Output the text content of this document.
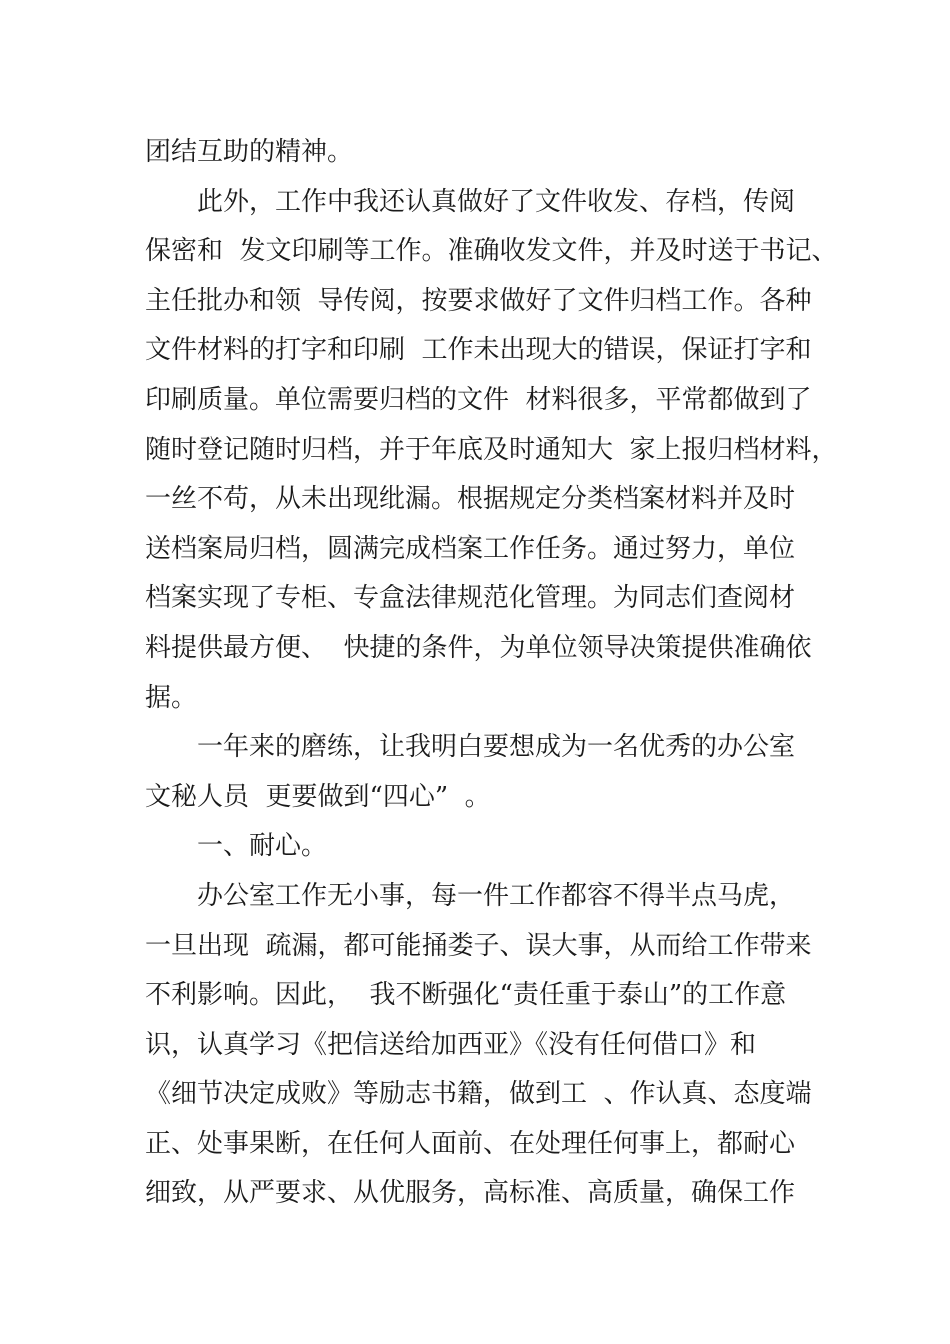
团结互助的精神。
此外，工作中我还认真做好了文件收发、存档，传阅
保密和  发文印刷等工作。准确收发文件，并及时送于书记、
主任批办和领  导传阅，按要求做好了文件归档工作。各种
文件材料的打字和印刷  工作未出现大的错误，保证打字和
印刷质量。单位需要归档的文件  材料很多，平常都做到了
随时登记随时归档，并于年底及时通知大  家上报归档材料，
一丝不苟，从未出现纰漏。根据规定分类档案材料并及时
送档案局归档，圆满完成档案工作任务。通过努力，单位
档案实现了专柜、专盒法律规范化管理。为同志们查阅材
料提供最方便、  快捷的条件，为单位领导决策提供准确依
据。
一年来的磨练，让我明白要想成为一名优秀的办公室
文秘人员  更要做到“四心”  。
一、耐心。
办公室工作无小事，每一件工作都容不得半点马虎，
一旦出现  疏漏，都可能捅娄子、误大事，从而给工作带来
不利影响。因此，  我不断强化“责任重于泰山”的工作意
识，认真学习《把信送给加西亚》《没有任何借口》和
《细节决定成败》等励志书籍，做到工  、作认真、态度端
正、处事果断，在任何人面前、在处理任何事上，都耐心
细致，从严要求、从优服务，高标准、高质量，确保工作
